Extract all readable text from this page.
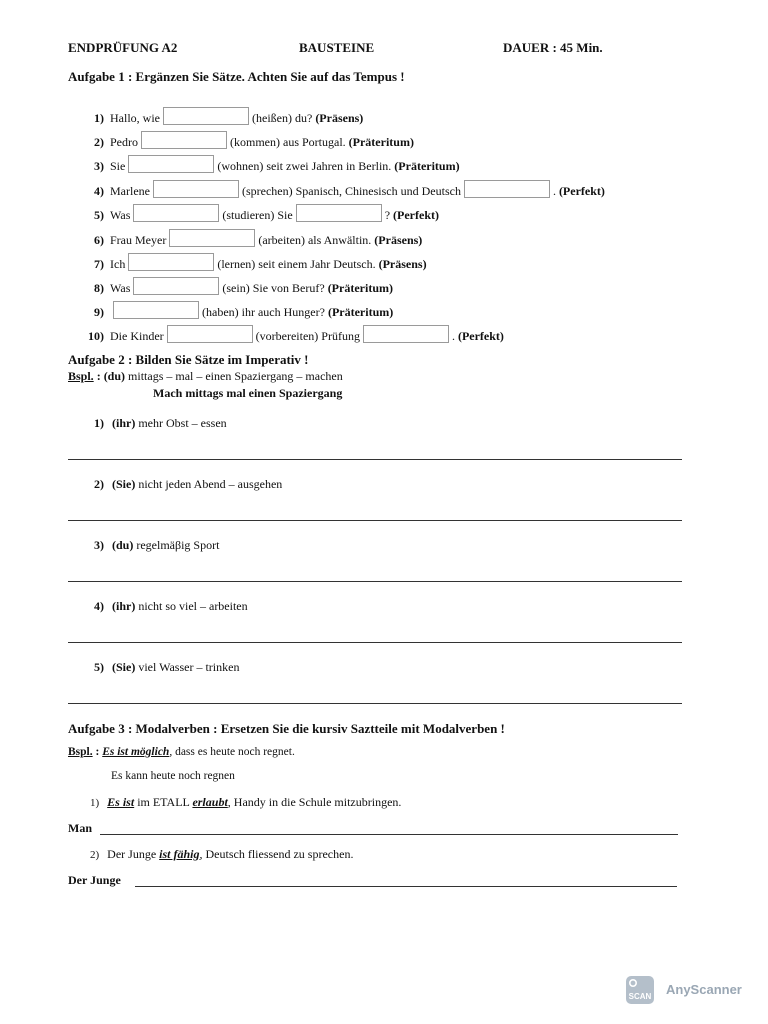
ENDPRÜFUNG A2	BAUSTEINE	DAUER : 45 Min.
Aufgabe 1 : Ergänzen Sie Sätze. Achten Sie auf das Tempus !
1) Hallo, wie	(heißen) du? (Präsens)
2) Pedro	(kommen) aus Portugal. (Präteritum)
3) Sie	(wohnen) seit zwei Jahren in Berlin. (Präteritum)
4) Marlene	(sprechen) Spanisch, Chinesisch und Deutsch	. (Perfekt)
5) Was	(studieren) Sie	? (Perfekt)
6) Frau Meyer	(arbeiten) als Anwältin. (Präsens)
7) Ich	(lernen) seit einem Jahr Deutsch. (Präsens)
8) Was	(sein) Sie von Beruf? (Präteritum)
9)	(haben) ihr auch Hunger? (Präteritum)
10) Die Kinder	(vorbereiten) Prüfung	. (Perfekt)
Aufgabe 2 : Bilden Sie Sätze im Imperativ !
Bspl. : (du) mittags – mal – einen Spaziergang – machen
Mach mittags mal einen Spaziergang
1) (ihr) mehr Obst – essen
2) (Sie) nicht jeden Abend – ausgehen
3) (du) regelmäβig Sport
4) (ihr) nicht so viel – arbeiten
5) (Sie) viel Wasser – trinken
Aufgabe 3 : Modalverben : Ersetzen Sie die kursiv Saztteile mit Modalverben !
Bspl. : Es ist möglich, dass es heute noch regnet.
Es kann heute noch regnen
1) Es ist im ETALL erlaubt, Handy in die Schule mitzubringen.
Man
2) Der Junge ist fähig, Deutsch fliessend zu sprechen.
Der Junge
SCAN AnyScanner
